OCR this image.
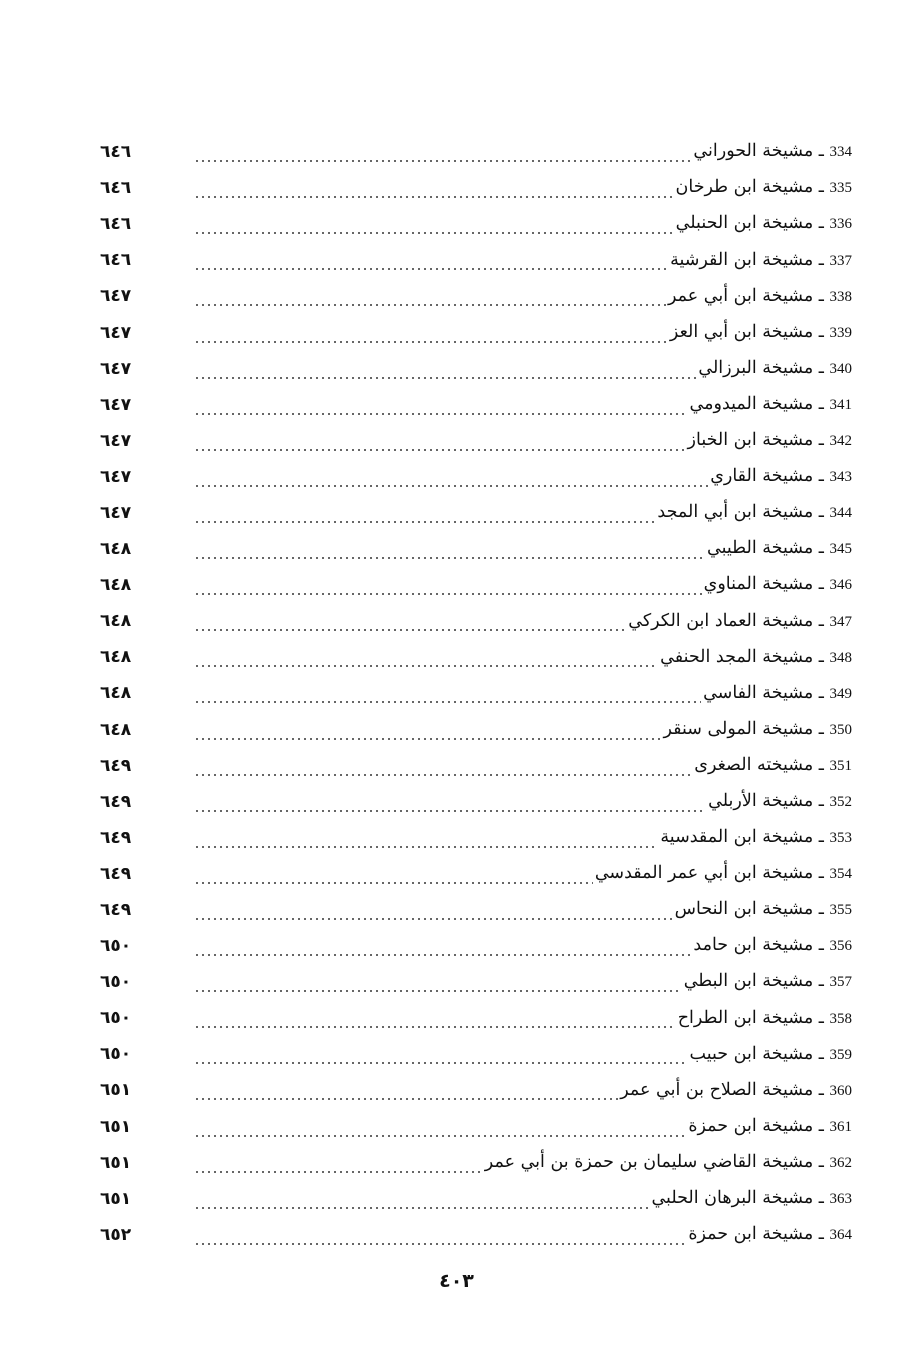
334 ـ مشيخة الحوراني
٦٤٦
335 ـ مشيخة ابن طرخان
٦٤٦
336 ـ مشيخة ابن الحنبلي
٦٤٦
337 ـ مشيخة ابن القرشية
٦٤٦
338 ـ مشيخة ابن أبي عمر
٦٤٧
339 ـ مشيخة ابن أبي العز
٦٤٧
340 ـ مشيخة البرزالي
٦٤٧
341 ـ مشيخة الميدومي
٦٤٧
342 ـ مشيخة ابن الخباز
٦٤٧
343 ـ مشيخة القاري
٦٤٧
344 ـ مشيخة ابن أبي المجد
٦٤٧
345 ـ مشيخة الطيبي
٦٤٨
346 ـ مشيخة المناوي
٦٤٨
347 ـ مشيخة العماد ابن الكركي
٦٤٨
348 ـ مشيخة المجد الحنفي
٦٤٨
349 ـ مشيخة الفاسي
٦٤٨
350 ـ مشيخة المولى سنقر
٦٤٨
351 ـ مشيخته الصغرى
٦٤٩
352 ـ مشيخة الأربلي
٦٤٩
353 ـ مشيخة ابن المقدسية
٦٤٩
354 ـ مشيخة ابن أبي عمر المقدسي
٦٤٩
355 ـ مشيخة ابن النحاس
٦٤٩
356 ـ مشيخة ابن حامد
٦٥٠
357 ـ مشيخة ابن البطي
٦٥٠
358 ـ مشيخة ابن الطراح
٦٥٠
359 ـ مشيخة ابن حبيب
٦٥٠
360 ـ مشيخة الصلاح بن أبي عمر
٦٥١
361 ـ مشيخة ابن حمزة
٦٥١
362 ـ مشيخة القاضي سليمان بن حمزة بن أبي عمر
٦٥١
363 ـ مشيخة البرهان الحلبي
٦٥١
364 ـ مشيخة ابن حمزة
٦٥٢
٤٠٣
